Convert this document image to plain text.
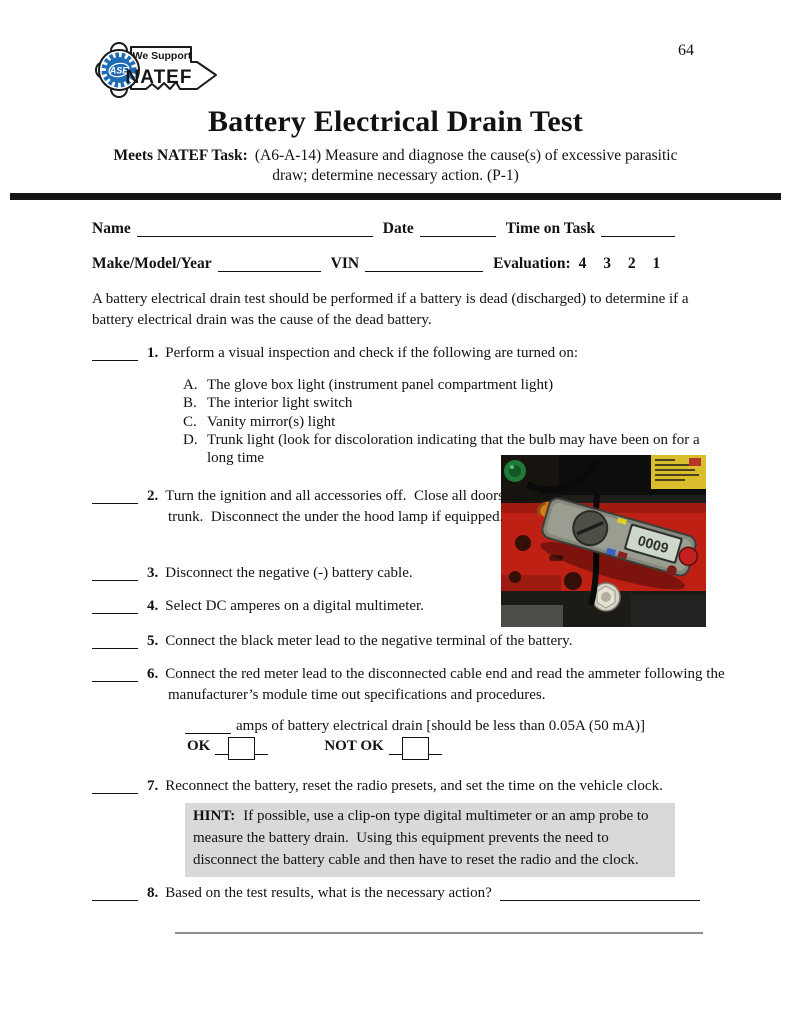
64
ASE
We Support
NATEF
Battery Electrical Drain Test
Meets NATEF Task: (A6-A-14) Measure and diagnose the cause(s) of excessive parasitic
draw; determine necessary action. (P-1)
Name	Date	Time on Task
Make/Model/Year	VIN	Evaluation: 4 3 2 1
A battery electrical drain test should be performed if a battery is dead (discharged) to determine if a battery electrical drain was the cause of the dead battery.
1. Perform a visual inspection and check if the following are turned on:
A. The glove box light (instrument panel compartment light)
B. The interior light switch
C. Vanity mirror(s) light
D. Trunk light (look for discoloration indicating that the bulb may have been on for a long time
0009
2. Turn the ignition and all accessories off.  Close all doors and the trunk.  Disconnect the under the hood lamp if equipped.
3. Disconnect the negative (-) battery cable.
4. Select DC amperes on a digital multimeter.
5. Connect the black meter lead to the negative terminal of the battery.
6. Connect the red meter lead to the disconnected cable end and read the ammeter following the manufacturer’s module time out specifications and procedures.
amps of battery electrical drain [should be less than 0.05A (50 mA)]
OK	NOT OK
7. Reconnect the battery, reset the radio presets, and set the time on the vehicle clock.
HINT: If possible, use a clip-on type digital multimeter or an amp probe to measure the battery drain.  Using this equipment prevents the need to disconnect the battery cable and then have to reset the radio and the clock.
8. Based on the test results, what is the necessary action?
